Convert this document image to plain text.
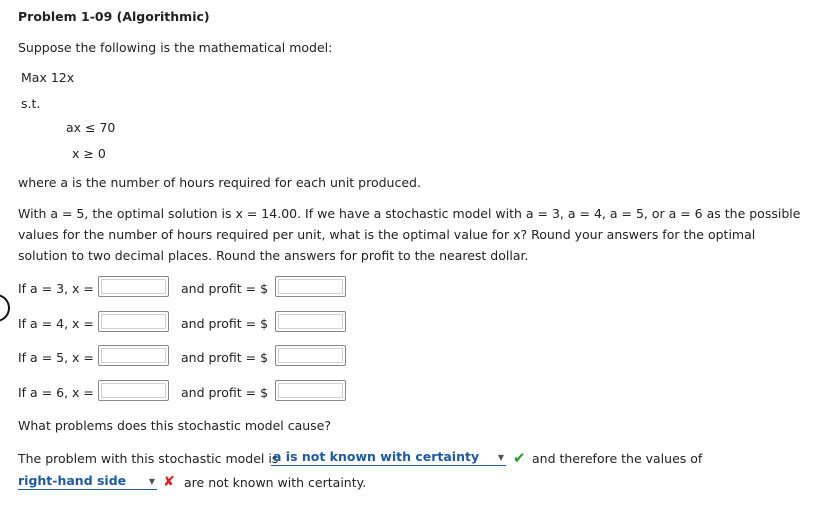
Problem 1-09 (Algorithmic)
Suppose the following is the mathematical model:
Max 12x
s.t.
ax ≤ 70
x ≥ 0
where a is the number of hours required for each unit produced.
With a = 5, the optimal solution is x = 14.00. If we have a stochastic model with a = 3, a = 4, a = 5, or a = 6 as the possible values for the number of hours required per unit, what is the optimal value for x? Round your answers for the optimal solution to two decimal places. Round the answers for profit to the nearest dollar.
If a = 3, x =	and profit = $
If a = 4, x =	and profit = $
If a = 5, x =	and profit = $
If a = 6, x =	and profit = $
What problems does this stochastic model cause?
The problem with this stochastic model is
a is not known with certainty ▼ ✔ and therefore the values of
right-hand side	▼ ✘ are not known with certainty.
